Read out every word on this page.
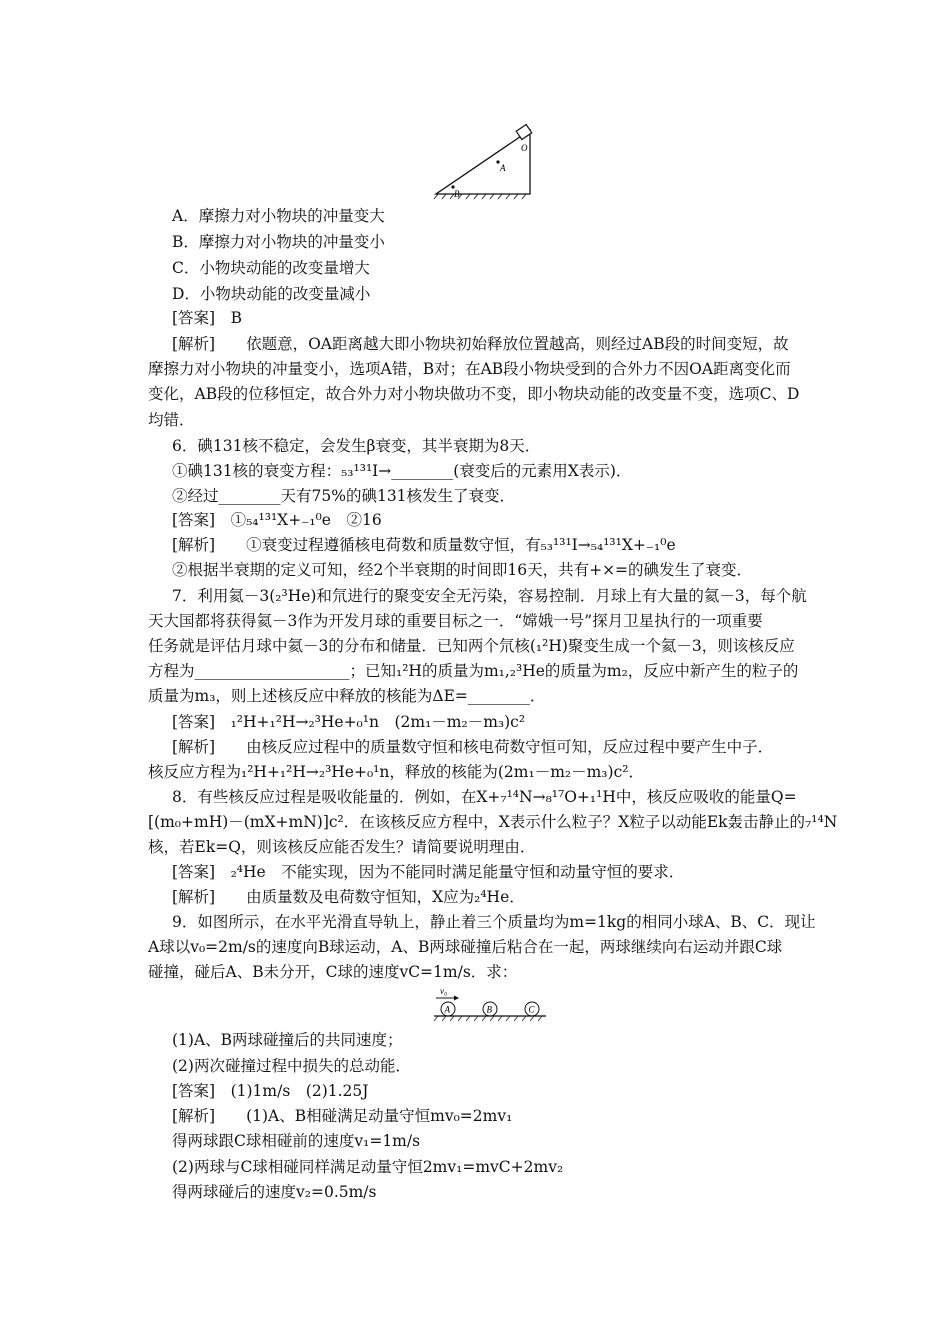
O
A
B
A．摩擦力对小物块的冲量变大
B．摩擦力对小物块的冲量变小
C．小物块动能的改变量增大
D．小物块动能的改变量减小
[答案]　B
[解析]　　依题意，OA距离越大即小物块初始释放位置越高，则经过AB段的时间变短，故
摩擦力对小物块的冲量变小，选项A错，B对；在AB段小物块受到的合外力不因OA距离变化而
变化，AB段的位移恒定，故合外力对小物块做功不变，即小物块动能的改变量不变，选项C、D
均错．
6．碘131核不稳定，会发生β衰变，其半衰期为8天．
①碘131核的衰变方程：₅₃¹³¹I→________(衰变后的元素用X表示)．
②经过________天有75%的碘131核发生了衰变．
[答案]　①₅₄¹³¹X+₋₁⁰e　②16
[解析]　　①衰变过程遵循核电荷数和质量数守恒，有₅₃¹³¹I→₅₄¹³¹X+₋₁⁰e
②根据半衰期的定义可知，经2个半衰期的时间即16天，共有+×=的碘发生了衰变．
7．利用氦－3(₂³He)和氘进行的聚变安全无污染，容易控制．月球上有大量的氦－3，每个航
天大国都将获得氦－3作为开发月球的重要目标之一．“嫦娥一号”探月卫星执行的一项重要
任务就是评估月球中氦－3的分布和储量．已知两个氘核(₁²H)聚变生成一个氦－3，则该核反应
方程为____________________；已知₁²H的质量为m₁,₂³He的质量为m₂，反应中新产生的粒子的
质量为m₃，则上述核反应中释放的核能为ΔE=________．
[答案]　₁²H+₁²H→₂³He+₀¹n　(2m₁－m₂－m₃)c²
[解析]　　由核反应过程中的质量数守恒和核电荷数守恒可知，反应过程中要产生中子．
核反应方程为₁²H+₁²H→₂³He+₀¹n，释放的核能为(2m₁－m₂－m₃)c²．
8．有些核反应过程是吸收能量的．例如，在X+₇¹⁴N→₈¹⁷O+₁¹H中，核反应吸收的能量Q=
[(m₀+mH)－(mX+mN)]c²．在该核反应方程中，X表示什么粒子？X粒子以动能Ek轰击静止的₇¹⁴N
核，若Ek=Q，则该核反应能否发生？请简要说明理由．
[答案]　₂⁴He　不能实现，因为不能同时满足能量守恒和动量守恒的要求．
[解析]　　由质量数及电荷数守恒知，X应为₂⁴He．
9．如图所示，在水平光滑直导轨上，静止着三个质量均为m=1kg的相同小球A、B、C．现让
A球以v₀=2m/s的速度向B球运动，A、B两球碰撞后粘合在一起，两球继续向右运动并跟C球
碰撞，碰后A、B未分开，C球的速度vC=1m/s．求：
v₀
A	B	C
(1)A、B两球碰撞后的共同速度；
(2)两次碰撞过程中损失的总动能．
[答案]　(1)1m/s　(2)1.25J
[解析]　　(1)A、B相碰满足动量守恒mv₀=2mv₁
得两球跟C球相碰前的速度v₁=1m/s
(2)两球与C球相碰同样满足动量守恒2mv₁=mvC+2mv₂
得两球碰后的速度v₂=0.5m/s
